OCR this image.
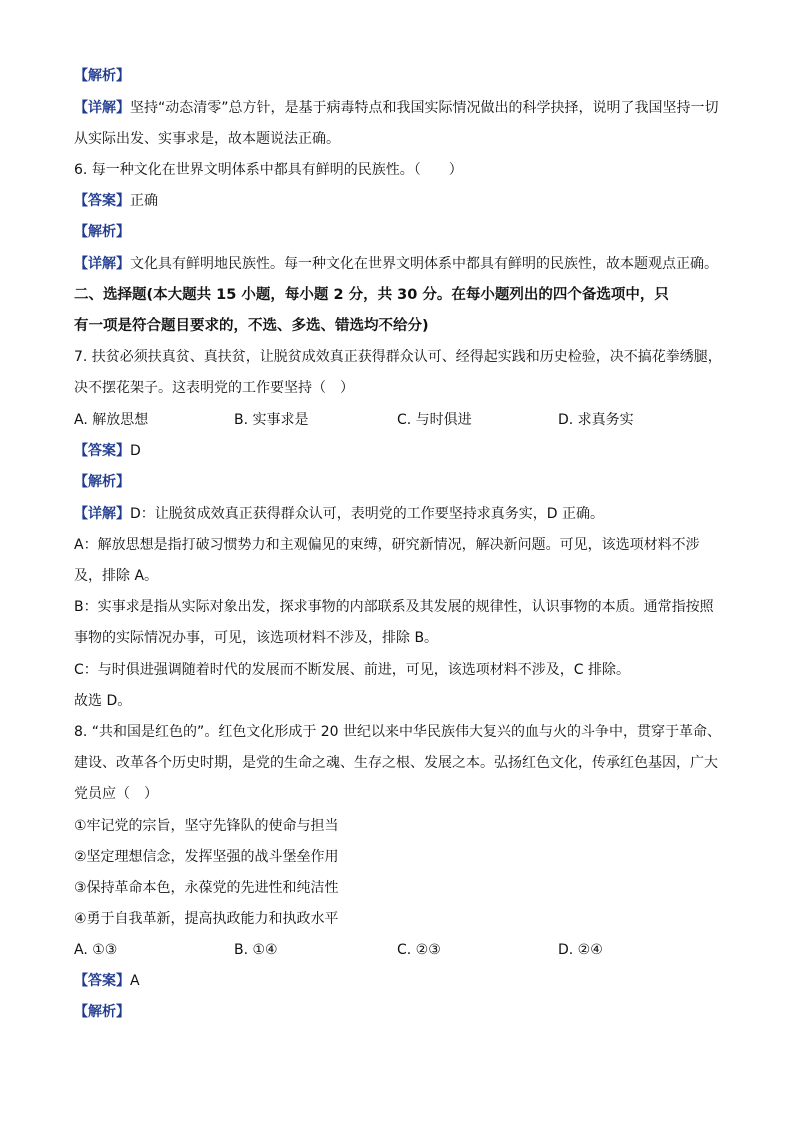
【解析】
【详解】坚持“动态清零”总方针，是基于病毒特点和我国实际情况做出的科学抉择，说明了我国坚持一切
从实际出发、实事求是，故本题说法正确。
6. 每一种文化在世界文明体系中都具有鲜明的民族性。（　　）
【答案】正确
【解析】
【详解】文化具有鲜明地民族性。每一种文化在世界文明体系中都具有鲜明的民族性，故本题观点正确。
二、选择题(本大题共 15 小题，每小题 2 分，共 30 分。在每小题列出的四个备选项中，只
有一项是符合题目要求的，不选、多选、错选均不给分)
7. 扶贫必须扶真贫、真扶贫，让脱贫成效真正获得群众认可、经得起实践和历史检验，决不搞花拳绣腿，
决不摆花架子。这表明党的工作要坚持（　）
A. 解放思想	B. 实事求是	C. 与时俱进	D. 求真务实
【答案】D
【解析】
【详解】D：让脱贫成效真正获得群众认可，表明党的工作要坚持求真务实，D 正确。
A：解放思想是指打破习惯势力和主观偏见的束缚，研究新情况，解决新问题。可见，该选项材料不涉
及，排除 A。
B：实事求是指从实际对象出发，探求事物的内部联系及其发展的规律性，认识事物的本质。通常指按照
事物的实际情况办事，可见，该选项材料不涉及，排除 B。
C：与时俱进强调随着时代的发展而不断发展、前进，可见，该选项材料不涉及，C 排除。
故选 D。
8. “共和国是红色的”。红色文化形成于 20 世纪以来中华民族伟大复兴的血与火的斗争中，贯穿于革命、
建设、改革各个历史时期，是党的生命之魂、生存之根、发展之本。弘扬红色文化，传承红色基因，广大
党员应（　）
①牢记党的宗旨，坚守先锋队的使命与担当
②坚定理想信念，发挥坚强的战斗堡垒作用
③保持革命本色，永葆党的先进性和纯洁性
④勇于自我革新，提高执政能力和执政水平
A. ①③	B. ①④	C. ②③	D. ②④
【答案】A
【解析】
